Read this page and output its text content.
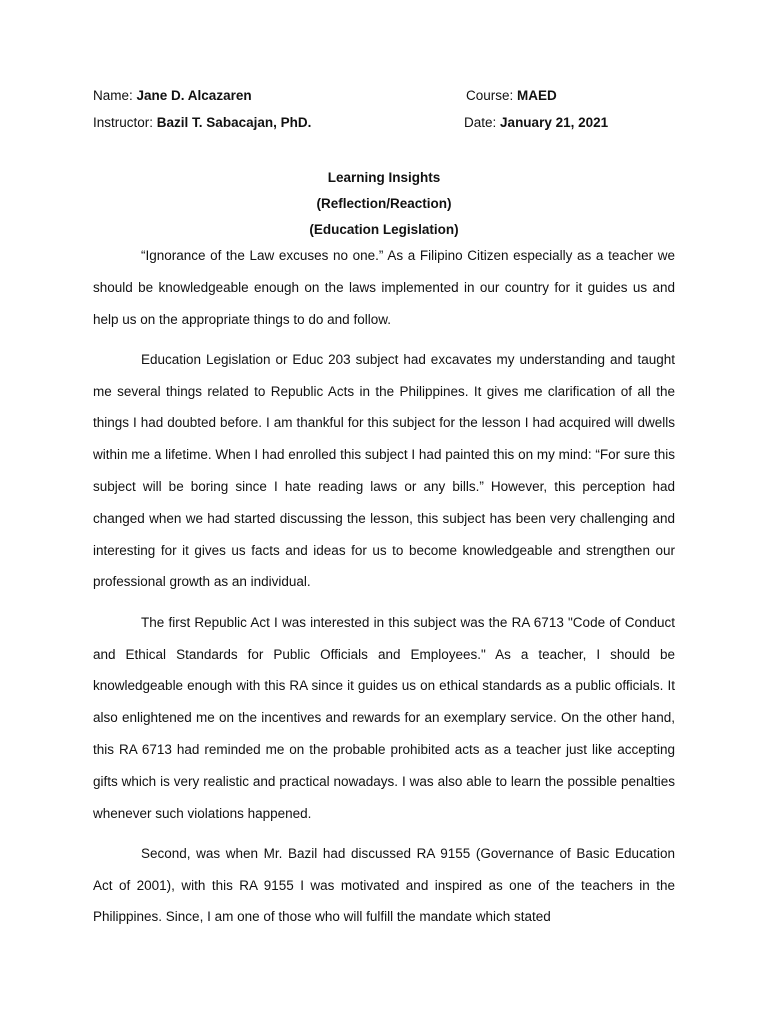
Name: Jane D. Alcazaren	Course: MAED
Instructor: Bazil T. Sabacajan, PhD.	Date: January 21, 2021
Learning Insights
(Reflection/Reaction)
(Education Legislation)

“Ignorance of the Law excuses no one.” As a Filipino Citizen especially as a teacher we should be knowledgeable enough on the laws implemented in our country for it guides us and help us on the appropriate things to do and follow.

Education Legislation or Educ 203 subject had excavates my understanding and taught me several things related to Republic Acts in the Philippines. It gives me clarification of all the things I had doubted before. I am thankful for this subject for the lesson I had acquired will dwells within me a lifetime. When I had enrolled this subject I had painted this on my mind: “For sure this subject will be boring since I hate reading laws or any bills.” However, this perception had changed when we had started discussing the lesson, this subject has been very challenging and interesting for it gives us facts and ideas for us to become knowledgeable and strengthen our professional growth as an individual.

The first Republic Act I was interested in this subject was the RA 6713 "Code of Conduct and Ethical Standards for Public Officials and Employees." As a teacher, I should be knowledgeable enough with this RA since it guides us on ethical standards as a public officials. It also enlightened me on the incentives and rewards for an exemplary service. On the other hand, this RA 6713 had reminded me on the probable prohibited acts as a teacher just like accepting gifts which is very realistic and practical nowadays. I was also able to learn the possible penalties whenever such violations happened.

Second, was when Mr. Bazil had discussed RA 9155 (Governance of Basic Education Act of 2001), with this RA 9155 I was motivated and inspired as one of the teachers in the Philippines. Since, I am one of those who will fulfill the mandate which stated
